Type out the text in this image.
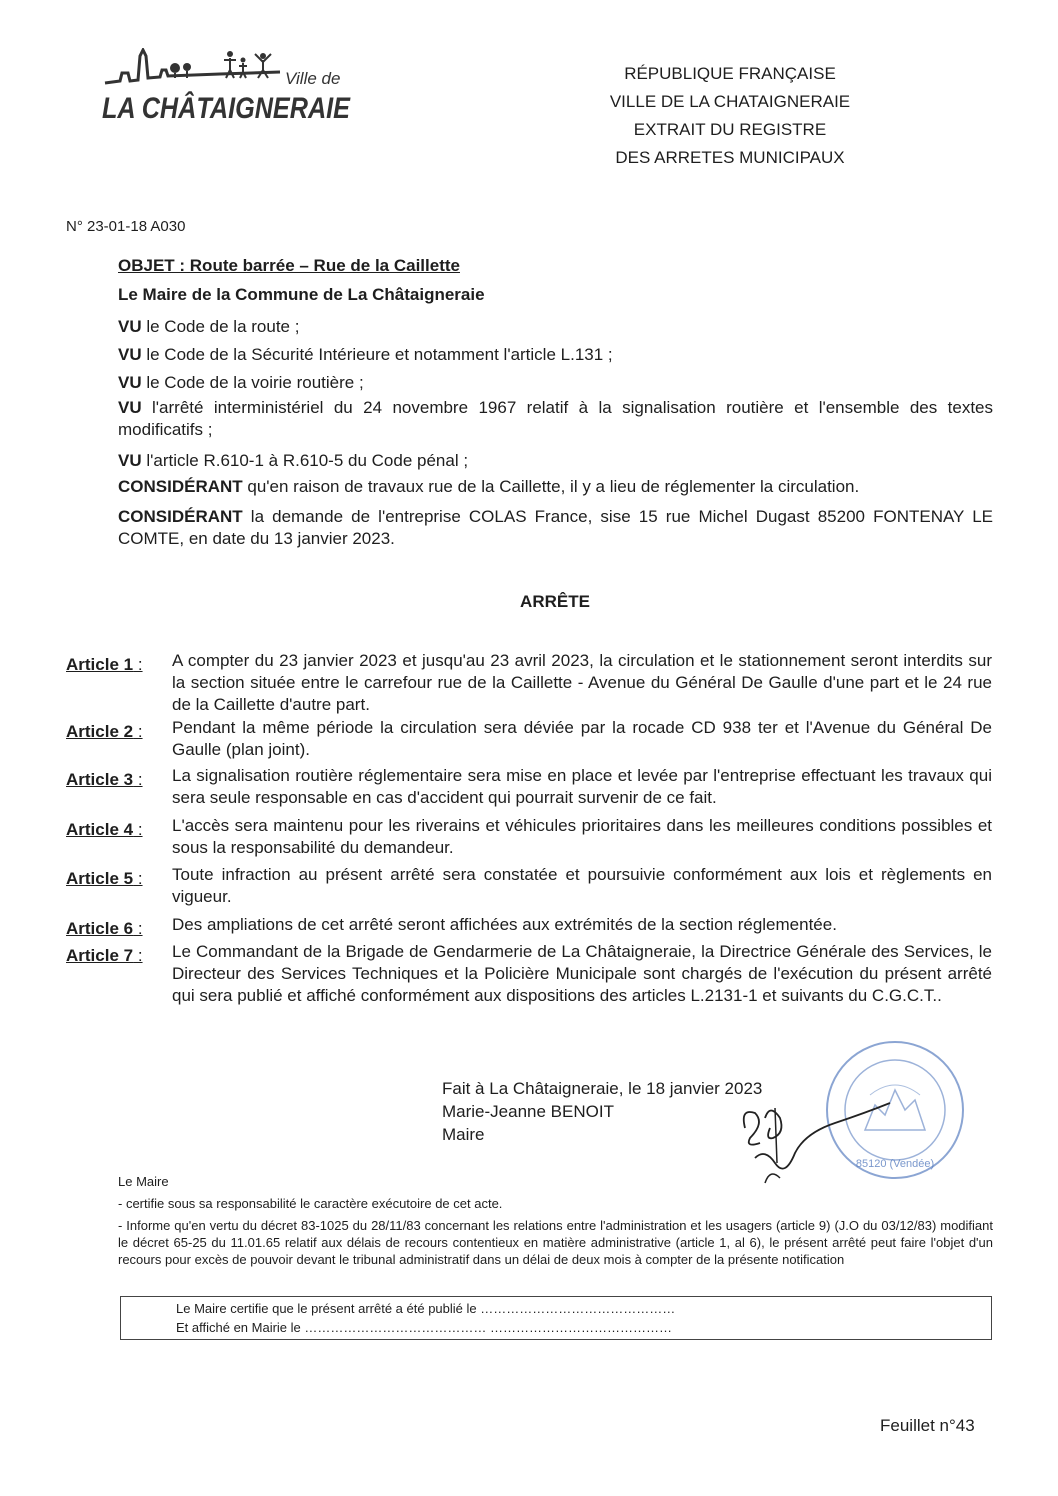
Ville de
LA CHÂTAIGNERAIE
RÉPUBLIQUE FRANÇAISE
VILLE DE LA CHATAIGNERAIE
EXTRAIT DU REGISTRE
DES ARRETES MUNICIPAUX
N° 23-01-18 A030
OBJET : Route barrée – Rue de la Caillette
Le Maire de la Commune de La Châtaigneraie
VU le Code de la route ;
VU le Code de la Sécurité Intérieure et notamment l'article L.131 ;
VU le Code de la voirie routière ;
VU l'arrêté interministériel du 24 novembre 1967 relatif à la signalisation routière et l'ensemble des textes modificatifs ;
VU l'article R.610-1 à R.610-5 du Code pénal ;
CONSIDÉRANT qu'en raison de travaux rue de la Caillette, il y a lieu de réglementer la circulation.
CONSIDÉRANT la demande de l'entreprise COLAS France, sise 15 rue Michel Dugast 85200 FONTENAY LE COMTE, en date du 13 janvier 2023.
ARRÊTE
Article 1 : A compter du 23 janvier 2023 et jusqu'au 23 avril 2023, la circulation et le stationnement seront interdits sur la section située entre le carrefour rue de la Caillette - Avenue du Général De Gaulle d'une part et le 24 rue de la Caillette d'autre part.
Article 2 : Pendant la même période la circulation sera déviée par la rocade CD 938 ter et l'Avenue du Général De Gaulle (plan joint).
Article 3 : La signalisation routière réglementaire sera mise en place et levée par l'entreprise effectuant les travaux qui sera seule responsable en cas d'accident qui pourrait survenir de ce fait.
Article 4 : L'accès sera maintenu pour les riverains et véhicules prioritaires dans les meilleures conditions possibles et sous la responsabilité du demandeur.
Article 5 : Toute infraction au présent arrêté sera constatée et poursuivie conformément aux lois et règlements en vigueur.
Article 6 : Des ampliations de cet arrêté seront affichées aux extrémités de la section réglementée.
Article 7 : Le Commandant de la Brigade de Gendarmerie de La Châtaigneraie, la Directrice Générale des Services, le Directeur des Services Techniques et la Policière Municipale sont chargés de l'exécution du présent arrêté qui sera publié et affiché conformément aux dispositions des articles L.2131-1 et suivants du C.G.C.T..
85120 (Vendée)
Fait à La Châtaigneraie, le 18 janvier 2023
Marie-Jeanne BENOIT
Maire
Le Maire
- certifie sous sa responsabilité le caractère exécutoire de cet acte.
- Informe qu'en vertu du décret 83-1025 du 28/11/83 concernant les relations entre l'administration et les usagers (article 9) (J.O du 03/12/83) modifiant le décret 65-25 du 11.01.65 relatif aux délais de recours contentieux en matière administrative (article 1, al 6), le présent arrêté peut faire l'objet d'un recours pour excès de pouvoir devant le tribunal administratif dans un délai de deux mois à compter de la présente notification
Le Maire certifie que le présent arrêté a été publié le ………………………………………
Et affiché en Mairie le …………………………………… ……………………………………
Feuillet n°43
